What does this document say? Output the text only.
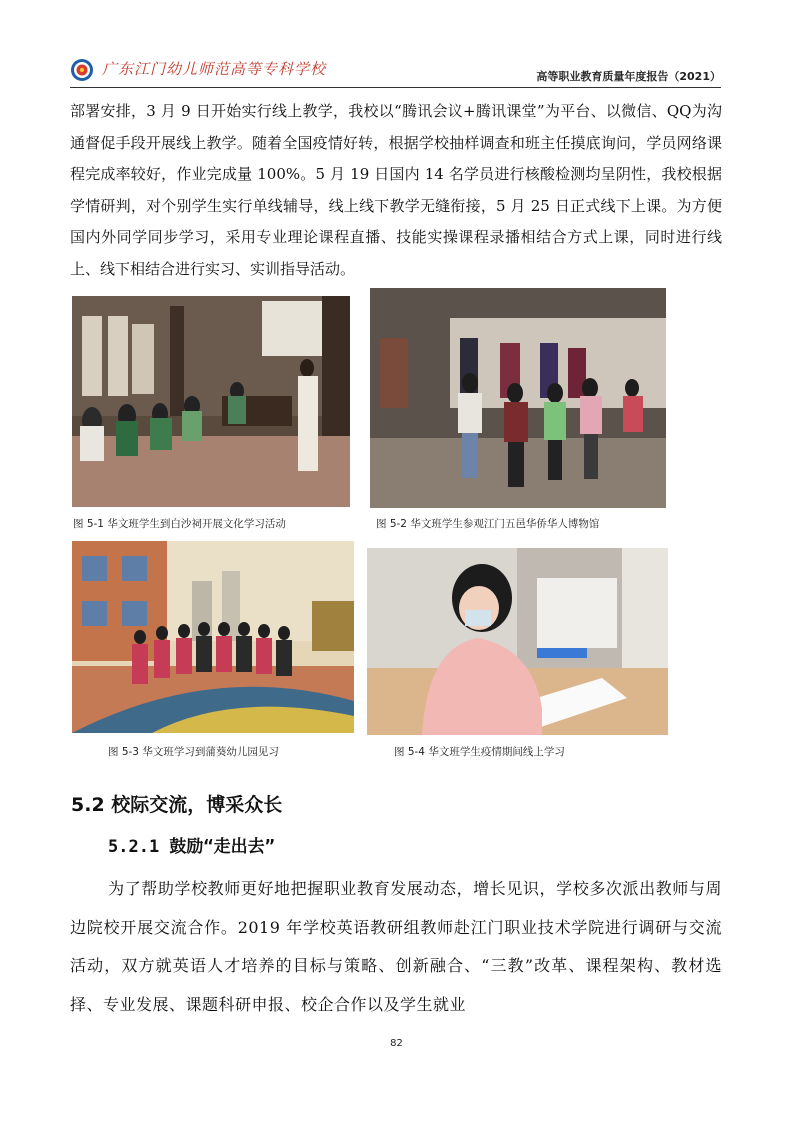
广东江门幼儿师范高等专科学校	高等职业教育质量年度报告（2021）

部署安排，3 月 9 日开始实行线上教学，我校以“腾讯会议+腾讯课堂”为平台、以微信、QQ为沟通督促手段开展线上教学。随着全国疫情好转，根据学校抽样调查和班主任摸底询问，学员网络课程完成率较好，作业完成量 100%。5 月 19 日国内 14 名学员进行核酸检测均呈阴性，我校根据学情研判，对个别学生实行单线辅导，线上线下教学无缝衔接，5 月 25 日正式线下上课。为方便国内外同学同步学习，采用专业理论课程直播、技能实操课程录播相结合方式上课，同时进行线上、线下相结合进行实习、实训指导活动。

图 5-1 华文班学生到白沙祠开展文化学习活动	图 5-2 华文班学生参观江门五邑华侨华人博物馆
图 5-3 华文班学习到蒲葵幼儿园见习	图 5-4 华文班学生疫情期间线上学习
5.2 校际交流，博采众长
5.2.1 鼓励“走出去”

为了帮助学校教师更好地把握职业教育发展动态，增长见识，学校多次派出教师与周边院校开展交流合作。2019 年学校英语教研组教师赴江门职业技术学院进行调研与交流活动，双方就英语人才培养的目标与策略、创新融合、“三教”改革、课程架构、教材选择、专业发展、课题科研申报、校企合作以及学生就业

82
